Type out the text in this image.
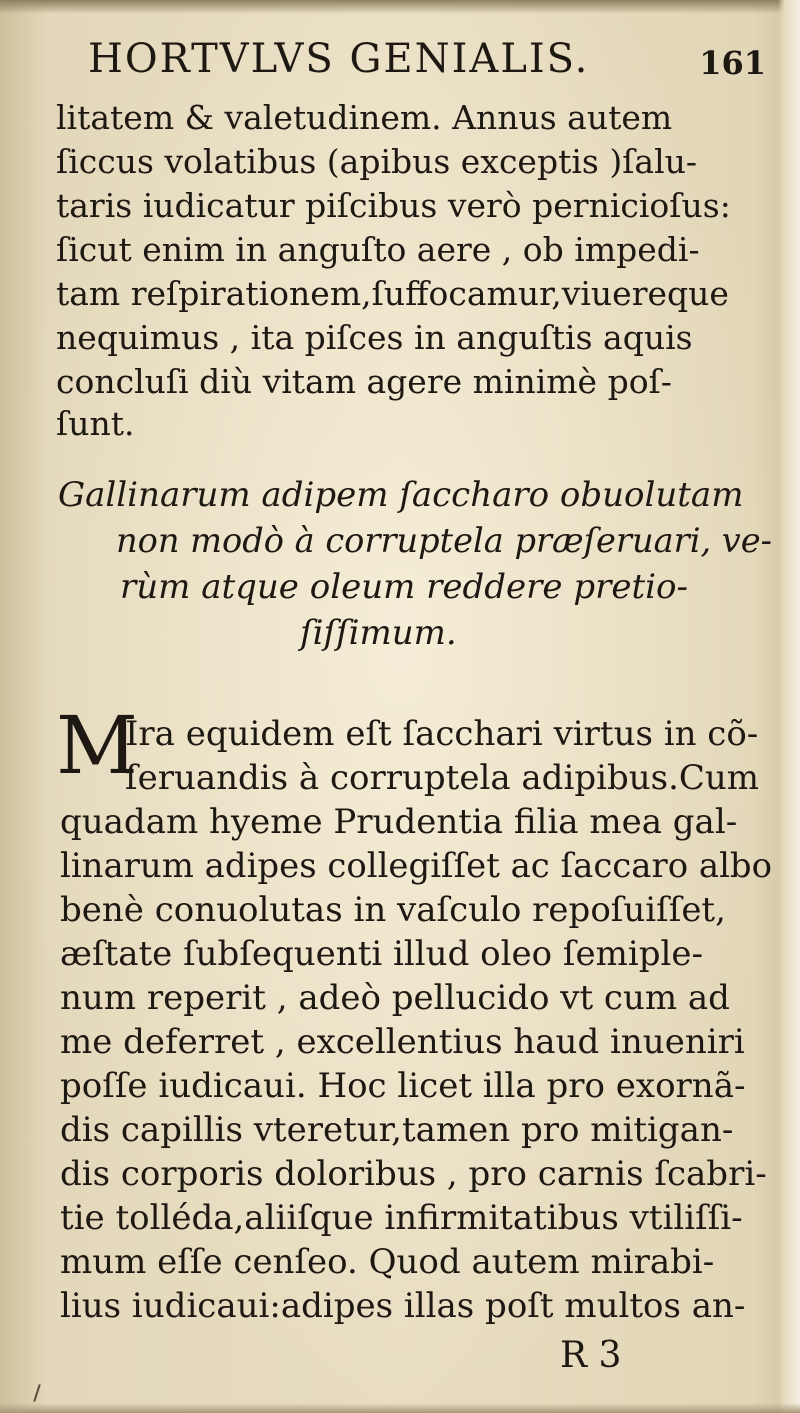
HORTVLVS GENIALIS.	161
litatem & valetudinem. Annus autem
ſiccus volatibus (apibus exceptis )ſalu-
taris iudicatur piſcibus verò pernicioſus:
ſicut enim in anguſto aere , ob impedi-
tam reſpirationem,ſuffocamur,viuereque
nequimus , ita piſces in anguſtis aquis
concluſi diù vitam agere minimè poſ-
ſunt.
Gallinarum adipem ſaccharo obuolutam
non modò à corruptela præſeruari, ve-
rùm atque oleum reddere pretio-
ſiſſimum.
M
Ira equidem eſt ſacchari virtus in cõ-
ſeruandis à corruptela adipibus.Cum
quadam hyeme Prudentia filia mea gal-
linarum adipes collegiſſet ac ſaccaro albo
benè conuolutas in vaſculo repoſuiſſet,
æſtate ſubſequenti illud oleo ſemiple-
num reperit , adeò pellucido vt cum ad
me deferret , excellentius haud inueniri
poſſe iudicaui. Hoc licet illa pro exornã-
dis capillis vteretur,tamen pro mitigan-
dis corporis doloribus , pro carnis ſcabri-
tie tolléda,aliiſque infirmitatibus vtiliſſi-
mum eſſe cenſeo. Quod autem mirabi-
lius iudicaui:adipes illas poſt multos an-
R 3
